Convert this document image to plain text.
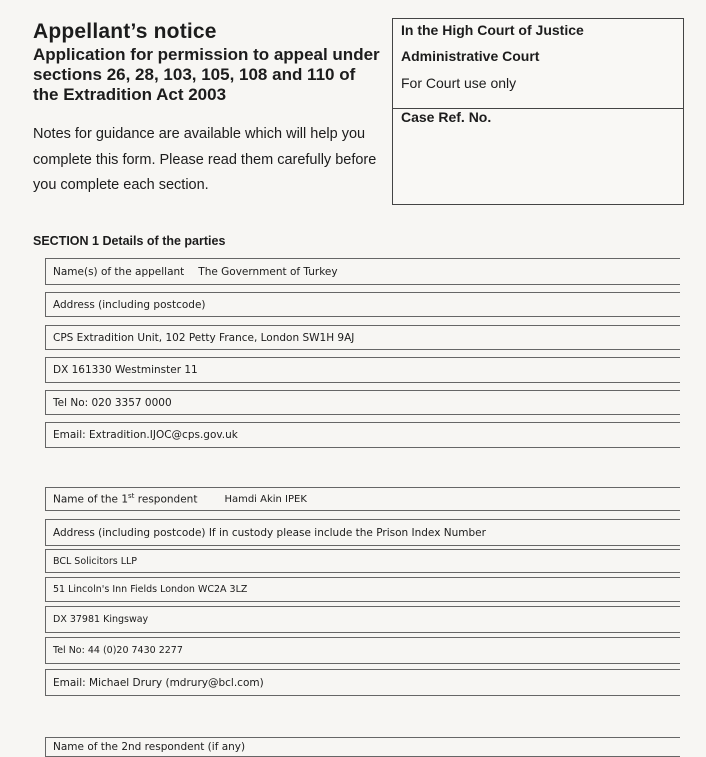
Appellant’s notice
Application for permission to appeal under sections 26, 28, 103, 105, 108 and 110 of the Extradition Act 2003
Notes for guidance are available which will help you complete this form. Please read them carefully before you complete each section.
In the High Court of Justice
Administrative Court
For Court use only
Case Ref. No.
SECTION 1 Details of the parties
Name(s) of the appellant The Government of Turkey
Address (including postcode)
CPS Extradition Unit, 102 Petty France, London SW1H 9AJ
DX 161330 Westminster 11
Tel No: 020 3357 0000
Email: Extradition.IJOC@cps.gov.uk
Name of the 1st respondent	Hamdi Akin IPEK
Address (including postcode) If in custody please include the Prison Index Number
BCL Solicitors LLP
51 Lincoln's Inn Fields London WC2A 3LZ
DX 37981 Kingsway
Tel No: 44 (0)20 7430 2277
Email: Michael Drury (mdrury@bcl.com)
Name of the 2nd respondent (if any)
